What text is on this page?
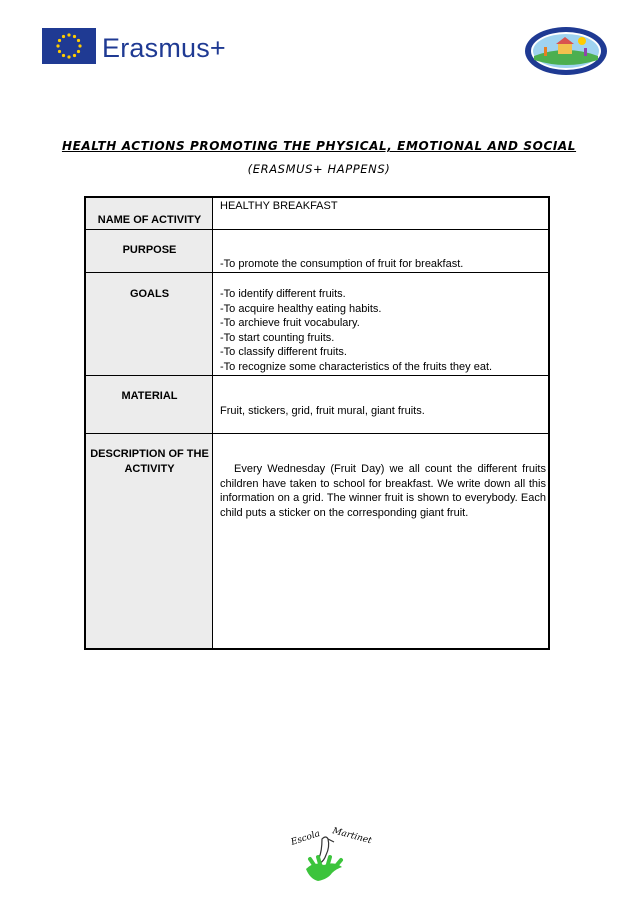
Erasmus+
HEALTH ACTIONS PROMOTING THE PHYSICAL, EMOTIONAL AND SOCIAL
(ERASMUS+ HAPPENS)
NAME OF ACTIVITY
HEALTHY BREAKFAST
PURPOSE
-To promote the consumption of fruit for breakfast.
GOALS	-To identify different fruits.
-To acquire healthy eating habits.
-To archieve fruit vocabulary.
-To start counting fruits.
-To classify different fruits.
-To recognize some characteristics of the fruits they eat.
MATERIAL
Fruit, stickers, grid, fruit mural, giant fruits.
DESCRIPTION OF THE
ACTIVITY	Every Wednesday (Fruit Day) we all count the different fruits children have taken to school for breakfast. We write down all this information on a grid. The winner fruit is shown to everybody. Each child puts a sticker on the corresponding giant fruit.
Escola Martinet
